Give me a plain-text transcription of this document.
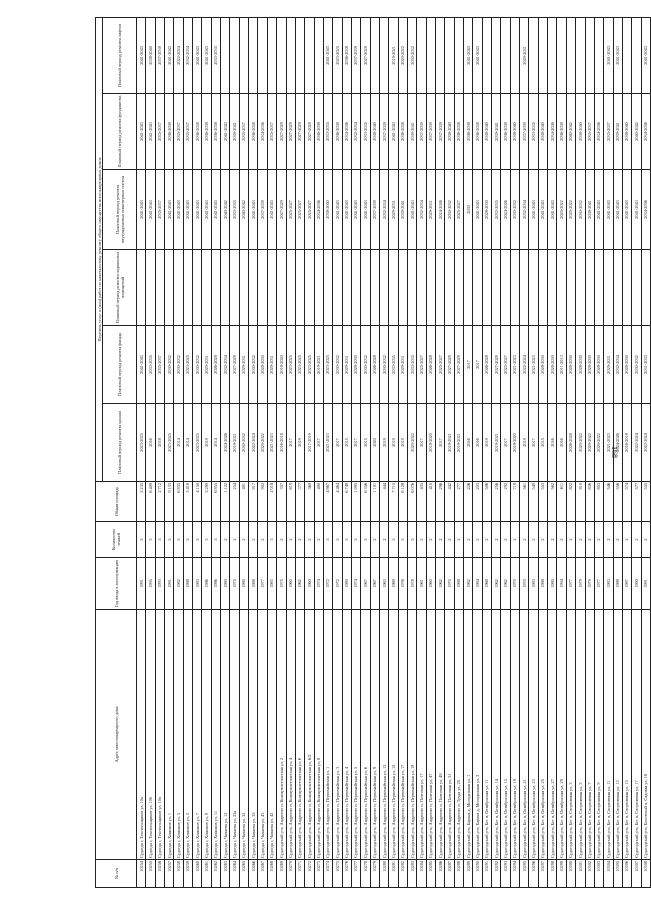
168
№ п/п	Адрес многоквартирного дома	Год ввода в эксплуатацию	Количество этажей	Общая площадь	Перечень услуг и (или) работ по капитальному ремонту общего имущества многоквартирных домов					
					Плановый период ремонта крыши	Плановый период ремонта фасада	Плановый период ремонта подвальных помещений	Плановый период ремонта внутридомовых инженерных систем	Плановый период ремонта фундамента	Плановый период ремонта лифтов
10254	Судогда г, Текстильщиков ул, 10а	1991	5	2 235	2023-2025	2041-2043		2041-2043	2041-2043	2041-2043
10255	Судогда г, Текстильщиков ул, 10б	1995	5	6 409	2016	2033-2035		2041-2043	2041-2043	2038-2040
10256	Судогда г, Текстильщиков ул, 10в	1993	5	2 712	2018	2035-2037		2035-2037	2035-2037	2037-2039
10257	Судогда г, Химиков ул, 1	1991	5	9 133	2023-2025	2030-2032		2041-2043	2036-2038	2041-2043
10258	Судогда г, Химиков ул, 3	1982	5	6 835	2014	2030-2032		2041-2043	2035-2037	2022-2024
10259	Судогда г, Химиков ул, 5	1988	5	3 418	2014	2023-2025		2041-2043	2035-2037	2032-2034
10260	Судогда г, Химиков ул, 7	1983	5	4 150	2023-2025	2030-2032		2041-2043	2036-2038	2041-2043
10261	Судогда г, Химиков ул, 9	1986	5	5 289	2019	2029-2031		2041-2043	2036-2038	2041-2043
10262	Судогда г, Химиков ул, 11	1986	5	6 855	2014	2026-2028		2041-2043	2036-2038	2033-2035
10263	Судогда г, Чапаева ул, 12	1980	2	1 122	2024-2026	2032-2034		2040-2042	2041-2043	
10264	Судогда г, Чапаева ул, 22а	1975	2	254	2019-2021	2027-2029		2033-2035	2039-2041	
10265	Судогда г, Чапаева ул, 32	1980	2	491	2030-2032	2029-2031		2040-2042	2035-2037	
10266	Судогда г, Чапаева ул, 35	1988	2	917	2022-2024	2030-2032		2041-2043	2036-2038	
10267	Судогда г, Чапаева ул, 43	1977	2	902	2020-2022	2028-2030		2037-2039	2034-2036	
10268	Судогда г, Чапаева ул, 45	1983	3	2 018	2021-2023	2029-2031		2041-2043	2035-2037	
10269	Судогодский р-н, Андреево п, Коммунистическая ул, 2	1975	2	357	2016-2018	2018-2020		2027-2029	2027-2029	
10270	Судогодский р-н, Андреево п, Коммунистическая ул, 4	1960	2	619	2017	2023-2025		2025-2027	2027-2029	
10271	Судогодский р-н, Андреево п, Коммунистическая ул, 6	1962	2	377	2019	2023-2025		2025-2027	2027-2029	
10272	Судогодский р-н, Андреево п, Коммунистическая ул, 6/2	1960	2	360	2017-2019	2023-2025		2025-2027	2027-2029	
10273	Судогодский р-н, Андреево п, Коммунистическая ул, 8	1974	2	490	2017	2019-2021		2034-2036	2036-2038	
10274	Судогодский р-н, Андреево п, Первомайская ул, 1	1972	5	4 867	2021-2023	2023-2025		2038-2040	2033-2035	2041-2043
10275	Судогодский р-н, Андреево п, Первомайская ул, 3	1972	5	4 464	2017	2030-2032		2041-2043	2036-2038	2023-2025
10276	Судогодский р-н, Андреево п, Первомайская ул, 4	1980	5	6 748	2015	2029-2031		2041-2043	2034-2036	2036-2038
10277	Судогодский р-н, Андреево п, Первомайская ул, 5	1974	5	1 995	2017	2028-2030		2041-2043	2032-2034	2037-2039
10278	Судогодский р-н, Андреево п, Первомайская ул, 6	1967	5	6 356	2015	2030-2032		2041-2043	2033-2035	2027-2029
10279	Судогодский р-н, Андреево п, Первомайская ул, 9	1967	2	1 191	2020	2026-2028		2037-2039	2038-2040	
10280	Судогодский р-н, Андреево п, Первомайская ул, 13	1963	2	444	2019	2030-2032		2032-2034	2037-2039	
10281	Судогодский р-н, Андреево п, Первомайская ул, 15	1969	5	7 715	2019	2033-2035		2029-2031	2041-2043	2019-2021
10282	Судогодский р-н, Андреево п, Первомайская ул, 17	1976	5	6 128	2019	2029-2031		2039-2041	2036-2038	2020-2022
10283	Судогодский р-н, Андреево п, Первомайская ул, 19	1978	5	6 076	2020-2022	2033-2035		2041-2043	2039-2041	2030-2032
10284	Судогодский р-н, Андреево п, Почтовая ул, 17	1961	2	435	2017	2025-2027		2032-2034	2037-2039	
10285	Судогодский р-н, Андреево п, Почтовая ул, 47	1960	2	410	2018-2020	2026-2028		2029-2031	2037-2039	
10286	Судогодский р-н, Андреево п, Почтовая ул, 49	1962	2	296	2017	2025-2027		2024-2026	2037-2039	
10287	Судогодский р-н, Андреево п, Почтовая ул, 51	1970	2	442	2019-2021	2027-2029		2030-2032	2038-2040	
10288	Судогодский р-н, Андреево п, Труда ул, 25	1988	2	277	2019-2021	2027-2029		2025-2027	2036-2038	
10289	Судогодский р-н, Бараки д, Молодежная ул, 1	1982	2	226	2016	2017		2030	2036-2038	2041-2043
10290	Судогодский р-н, Бараки д, Молодежная ул, 2	1984	2	203	2016	2017		2041-2043	2036-2038	2041-2043
10291	Судогодский р-н, Бег п, Октябрьская ул, 11	1968	2	506	2019	2026-2028		2028-2030	2038-2040	
10292	Судогодский р-н, Бег п, Октябрьская ул, 14	1962	2	256	2019-2021	2027-2029		2033-2035	2039-2041	
10293	Судогодский р-н, Бег п, Октябрьская ул, 15	1962	2	292	2017	2025-2027		2024-2026	2036-2038	
10294	Судогодский р-н, Бег п, Октябрьская ул, 19	1970	2	718	2018-2020	2021-2023		2030-2032	2038-2040	
10295	Судогодский р-н, Бег п, Октябрьская ул, 21	1970	2	561	2019	2022-2024		2032-2034	2037-2039	2029-2031
10296	Судогодский р-н, Бег п, Октябрьская ул, 23	1983	2	549	2017	2021-2023		2041-2043	2033-2035	
10297	Судогодский р-н, Бег п, Октябрьская ул, 25	1988	2	553	2015	2028-2030		2041-2043	2038-2040	
10298	Судогодский р-н, Бег п, Октябрьская ул, 27	1980	2	562	2016	2028-2030		2041-2043	2034-2036	
10299	Судогодский р-н, Бег п, Октябрьская ул, 29	1994	2	611	2016	2011-2013		2020-2022	2036-2038	
10300	Судогодский р-н, Бег п, Спортивная ул, 3	1977	2	822	2026-2028	2028-2030		2020-2022	2040-2042	
10301	Судогодский р-н, Бег п, Спортивная ул, 5	1979	2	810	2020-2022	2028-2030		2030-2032	2038-2040	
10302	Судогодский р-н, Бег п, Спортивная ул, 7	1979	2	836	2020-2022	2028-2030		2039-2041	2035-2037	
10303	Судогодский р-н, Бег п, Спортивная ул, 9	1977	2	853	2020-2022	2028-2030		2041-2043	2034-2036	
10304	Судогодский р-н, Бег п, Спортивная ул, 11	1983	2	546	2021-2023	2029-2031		2041-2043	2035-2037	2041-2043
10305	Судогодский р-н, Бег п, Спортивная ул, 13	1988	2	556	2024-2026	2032-2034		2041-2043	2039-2041	2041-2043
10306	Судогодский р-н, Бег п, Спортивная ул, 15	1987	2	574	2016-2018	2028-2030		2041-2043	2038-2040	
10307	Судогодский р-н, Бег п, Спортивная ул, 17	1990	2	577	2022-2024	2030-2032		2041-2043	2040-2042	
10308	Судогодский р-н, Болотский п, Садовая ул, 18	1991	2	555	2022-2024	2031-2033		2034-2036	2034-2036	2041-2043
